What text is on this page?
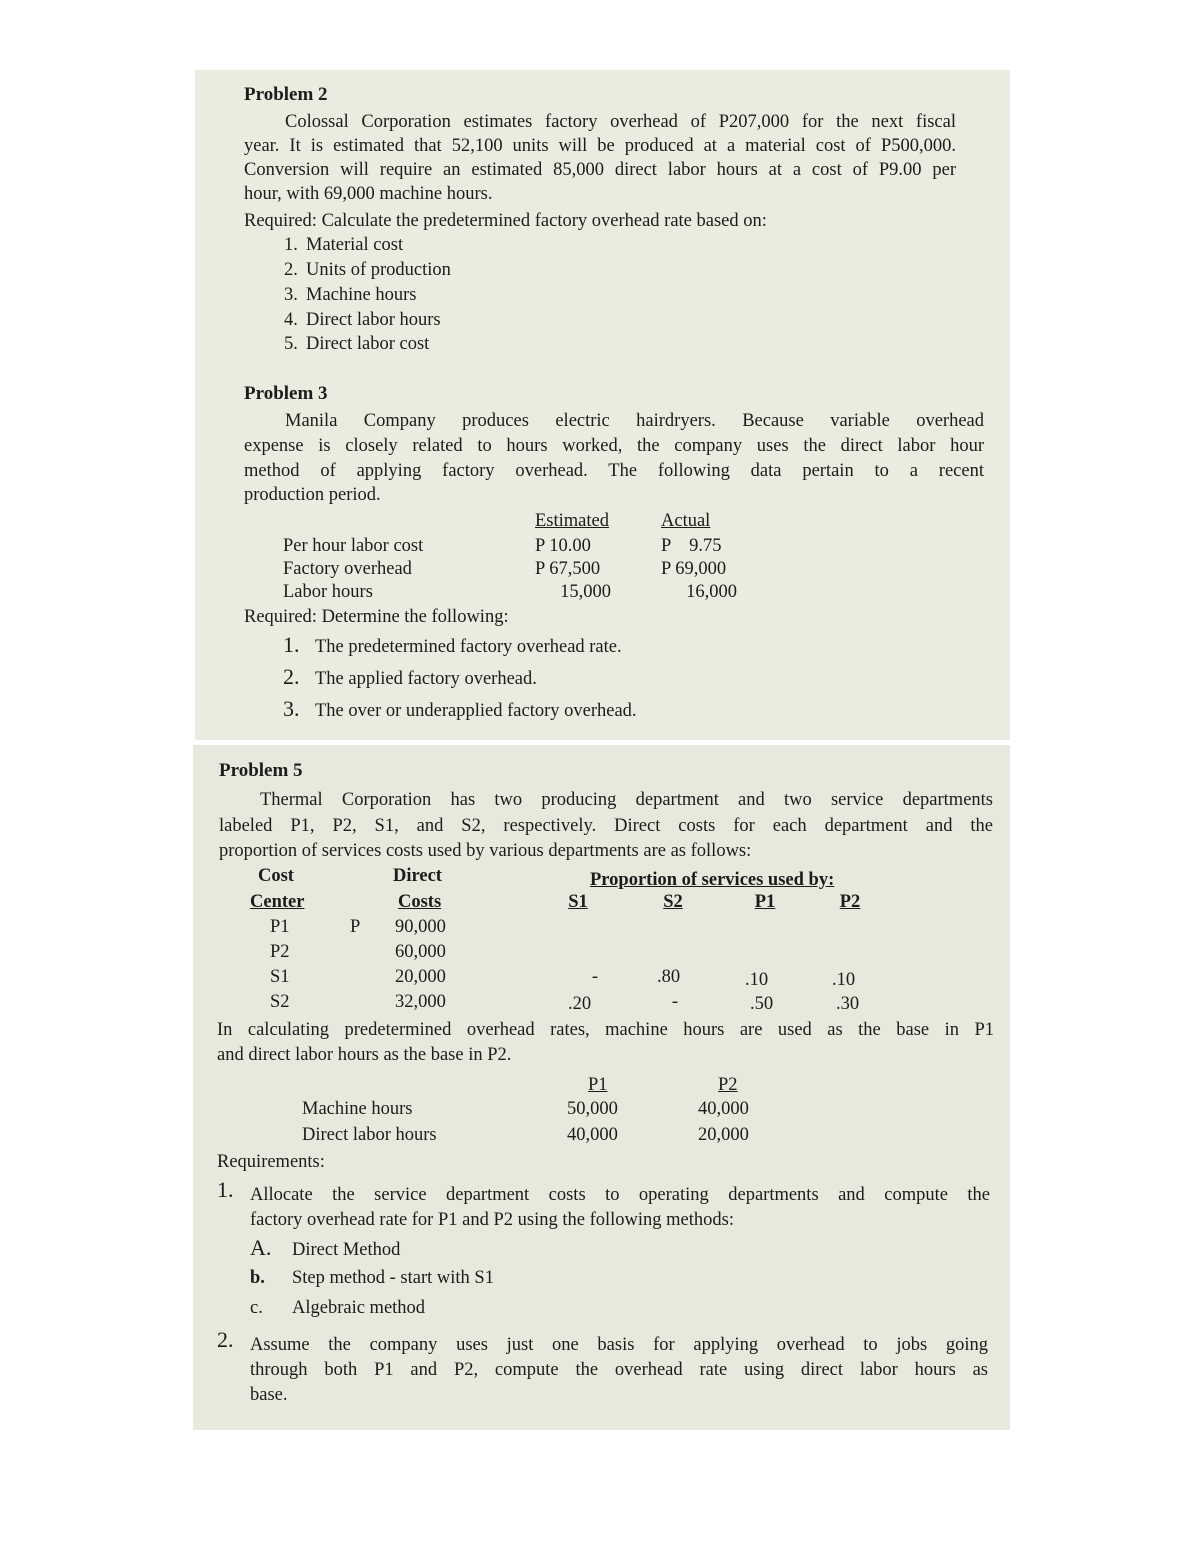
Problem 2
Colossal Corporation estimates factory overhead of P207,000 for the next fiscal
year. It is estimated that 52,100 units will be produced at a material cost of P500,000.
Conversion will require an estimated 85,000 direct labor hours at a cost of P9.00 per
hour, with 69,000 machine hours.
Required: Calculate the predetermined factory overhead rate based on:
1. Material cost
2. Units of production
3. Machine hours
4. Direct labor hours
5. Direct labor cost
Problem 3
Manila Company produces electric hairdryers. Because variable overhead
expense is closely related to hours worked, the company uses the direct labor hour
method of applying factory overhead. The following data pertain to a recent
production period.
Estimated	Actual
Per hour labor cost	P 10.00	P    9.75
Factory overhead	P 67,500	P 69,000
Labor hours	15,000	16,000
Required: Determine the following:
1. The predetermined factory overhead rate.
2. The applied factory overhead.
3. The over or underapplied factory overhead.
Problem 5
Thermal Corporation has two producing department and two service departments
labeled P1, P2, S1, and S2, respectively. Direct costs for each department and the
proportion of services costs used by various departments are as follows:
Cost	Direct	Proportion of services used by:
Center	Costs	S1	S2	P1	P2
P1	P 90,000
P2	60,000
S1	20,000	-	.80	.10	.10
S2	32,000	.20	-	.50	.30
In calculating predetermined overhead rates, machine hours are used as the base in P1
and direct labor hours as the base in P2.
P1	P2
Machine hours	50,000	40,000
Direct labor hours	40,000	20,000
Requirements:
1. Allocate the service department costs to operating departments and compute the
factory overhead rate for P1 and P2 using the following methods:
A. Direct Method
b. Step method - start with S1
c. Algebraic method
2. Assume the company uses just one basis for applying overhead to jobs going
through both P1 and P2, compute the overhead rate using direct labor hours as
base.
